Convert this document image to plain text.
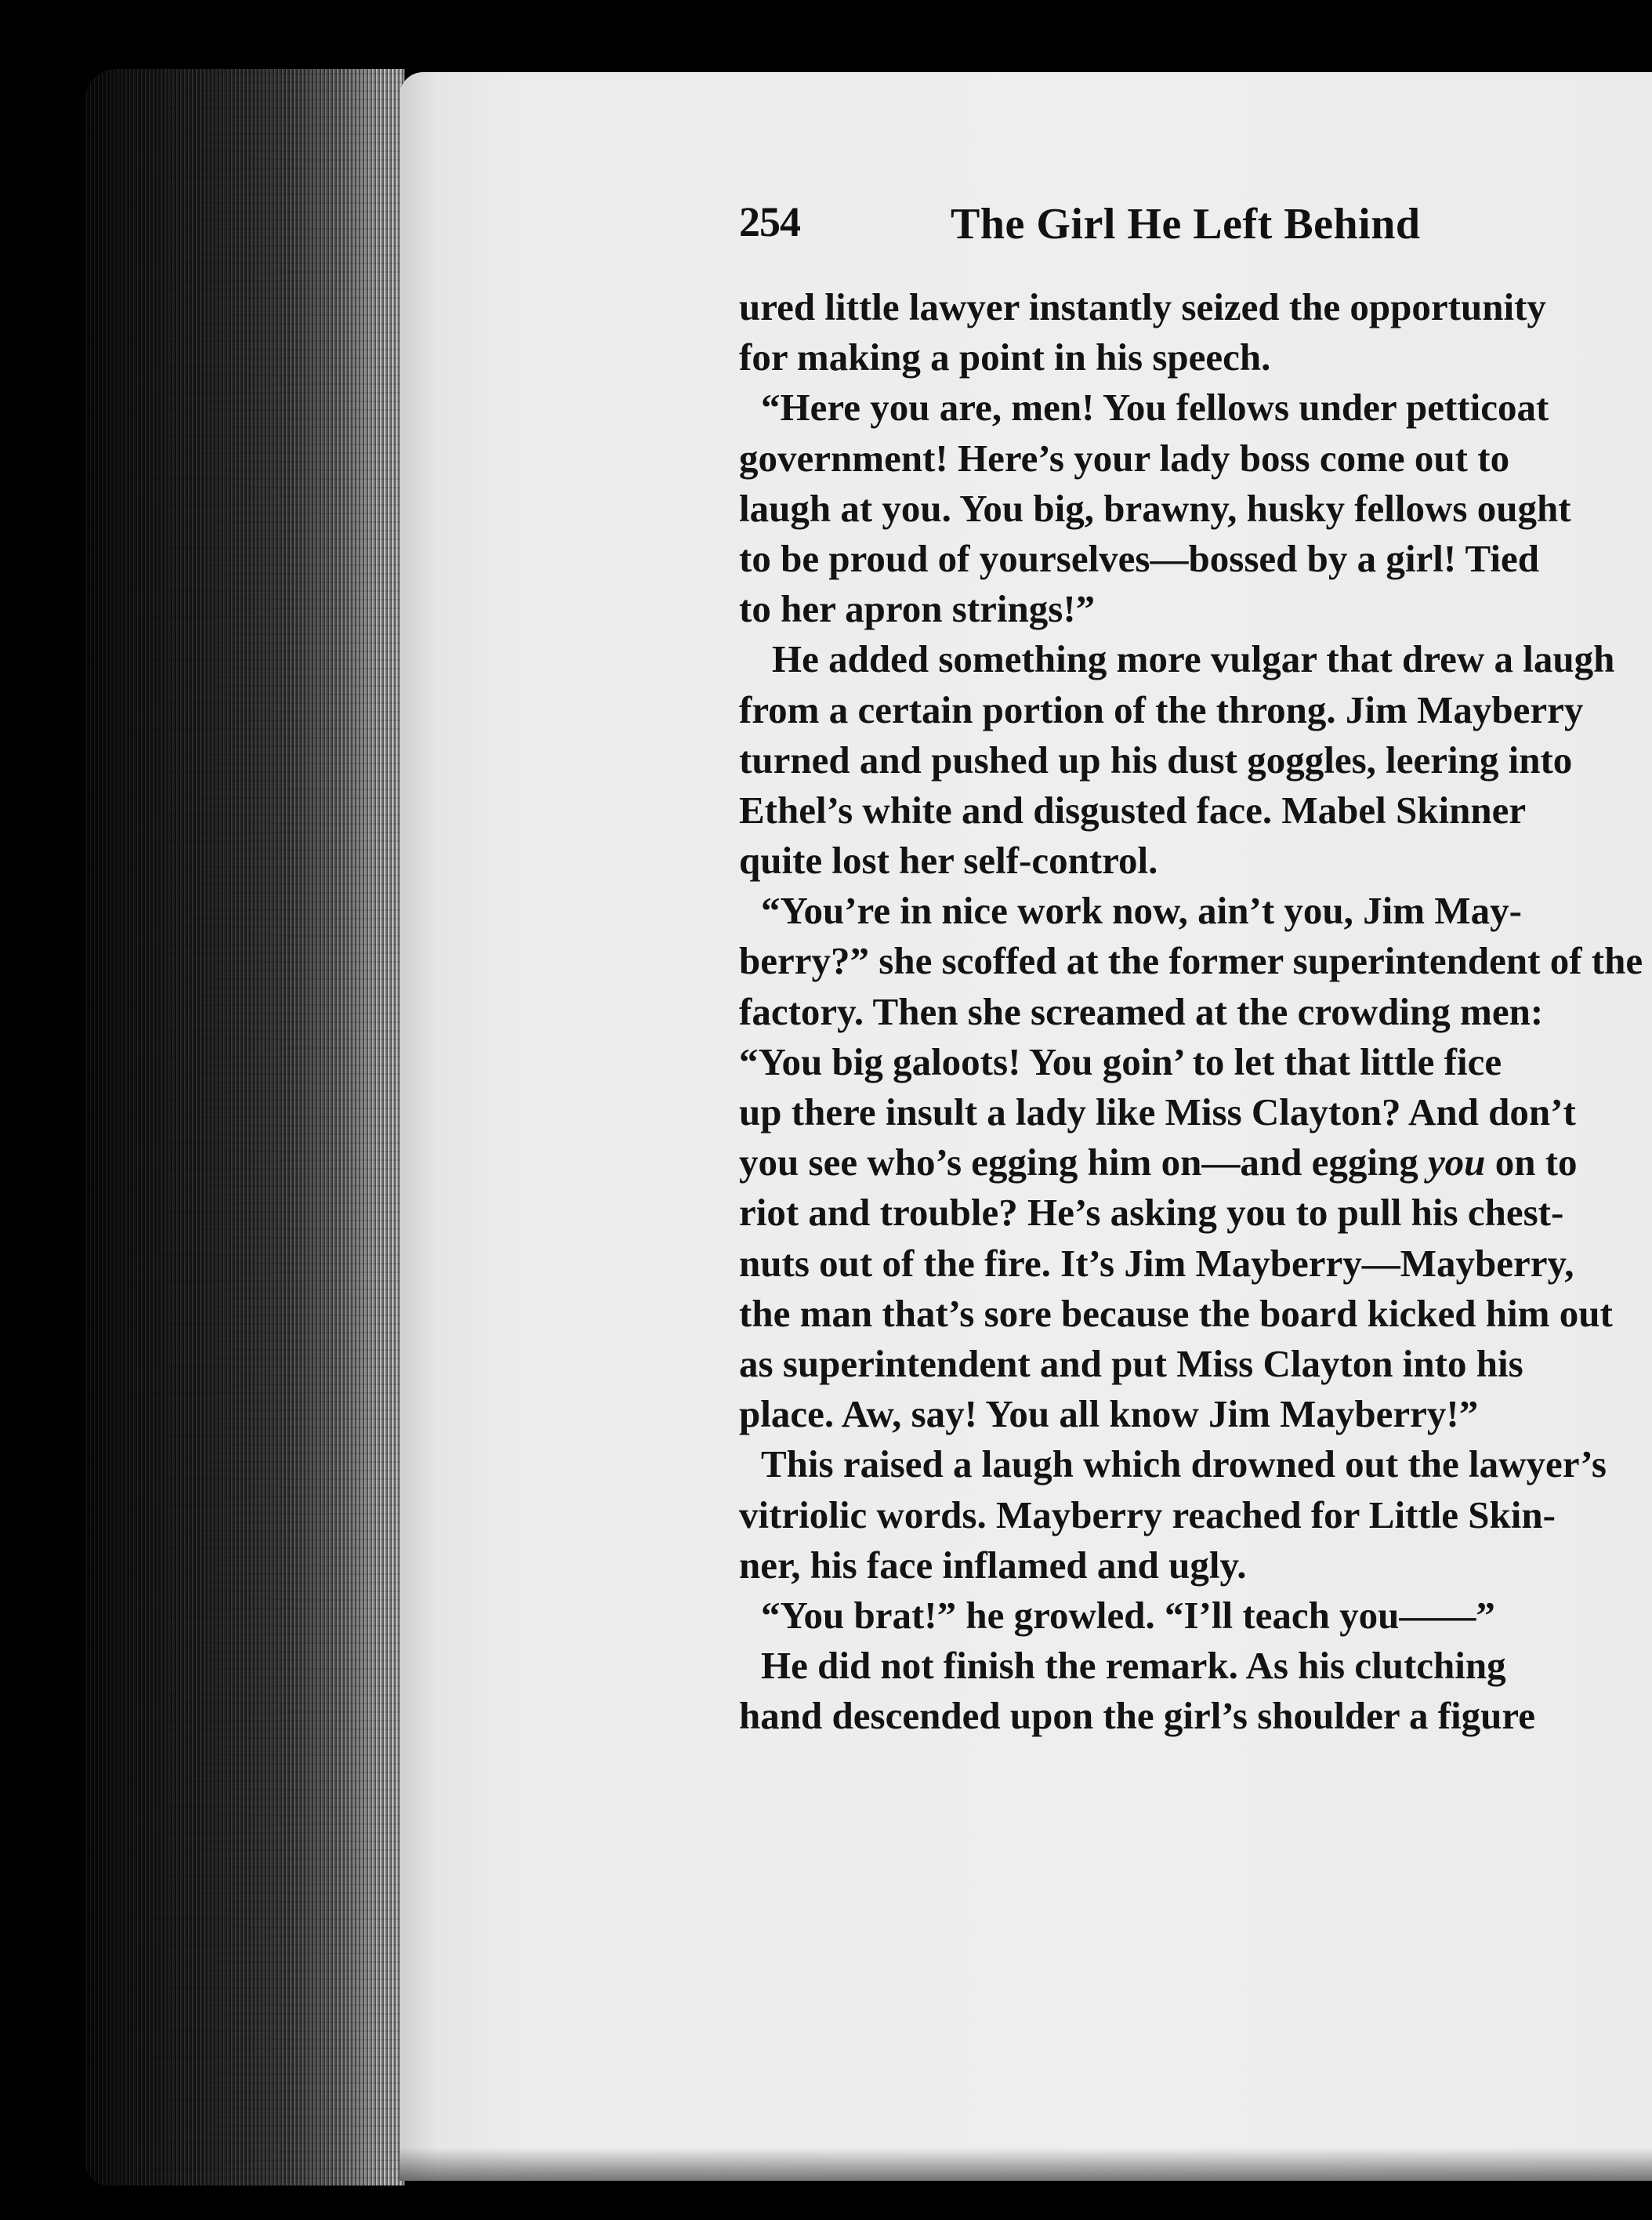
254	The Girl He Left Behind
ured little lawyer instantly seized the opportunity
for making a point in his speech.
“Here you are, men! You fellows under petticoat
government! Here’s your lady boss come out to
laugh at you. You big, brawny, husky fellows ought
to be proud of yourselves—bossed by a girl! Tied
to her apron strings!”
He added something more vulgar that drew a laugh
from a certain portion of the throng. Jim Mayberry
turned and pushed up his dust goggles, leering into
Ethel’s white and disgusted face. Mabel Skinner
quite lost her self-control.
“You’re in nice work now, ain’t you, Jim May-
berry?” she scoffed at the former superintendent of the
factory. Then she screamed at the crowding men:
“You big galoots! You goin’ to let that little fice
up there insult a lady like Miss Clayton? And don’t
you see who’s egging him on—and egging you on to
riot and trouble? He’s asking you to pull his chest-
nuts out of the fire. It’s Jim Mayberry—Mayberry,
the man that’s sore because the board kicked him out
as superintendent and put Miss Clayton into his
place. Aw, say! You all know Jim Mayberry!”
This raised a laugh which drowned out the lawyer’s
vitriolic words. Mayberry reached for Little Skin-
ner, his face inflamed and ugly.
“You brat!” he growled. “I’ll teach you——”
He did not finish the remark. As his clutching
hand descended upon the girl’s shoulder a figure
